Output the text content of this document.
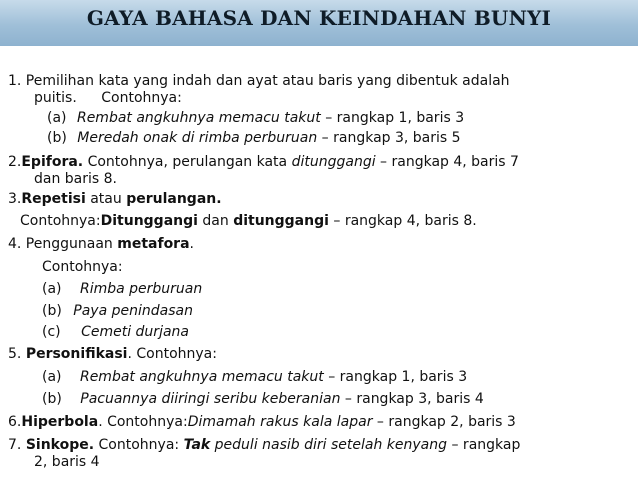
GAYA BAHASA DAN KEINDAHAN BUNYI
1. Pemilihan kata yang indah dan ayat atau baris yang dibentuk adalah
puitis. Contohnya:
(a) Rembat angkuhnya memacu takut – rangkap 1, baris 3
(b) Meredah onak di rimba perburuan – rangkap 3, baris 5
2.Epifora. Contohnya, perulangan kata ditunggangi – rangkap 4, baris 7
dan baris 8.
3.Repetisi atau perulangan.
Contohnya:Ditunggangi dan ditunggangi – rangkap 4, baris 8.
4. Penggunaan metafora.
Contohnya:
(a) Rimba perburuan
(b) Paya penindasan
(c) Cemeti durjana
5. Personifikasi. Contohnya:
(a) Rembat angkuhnya memacu takut – rangkap 1, baris 3
(b) Pacuannya diiringi seribu keberanian – rangkap 3, baris 4
6.Hiperbola. Contohnya:Dimamah rakus kala lapar – rangkap 2, baris 3
7. Sinkope. Contohnya: Tak peduli nasib diri setelah kenyang – rangkap
2, baris 4
